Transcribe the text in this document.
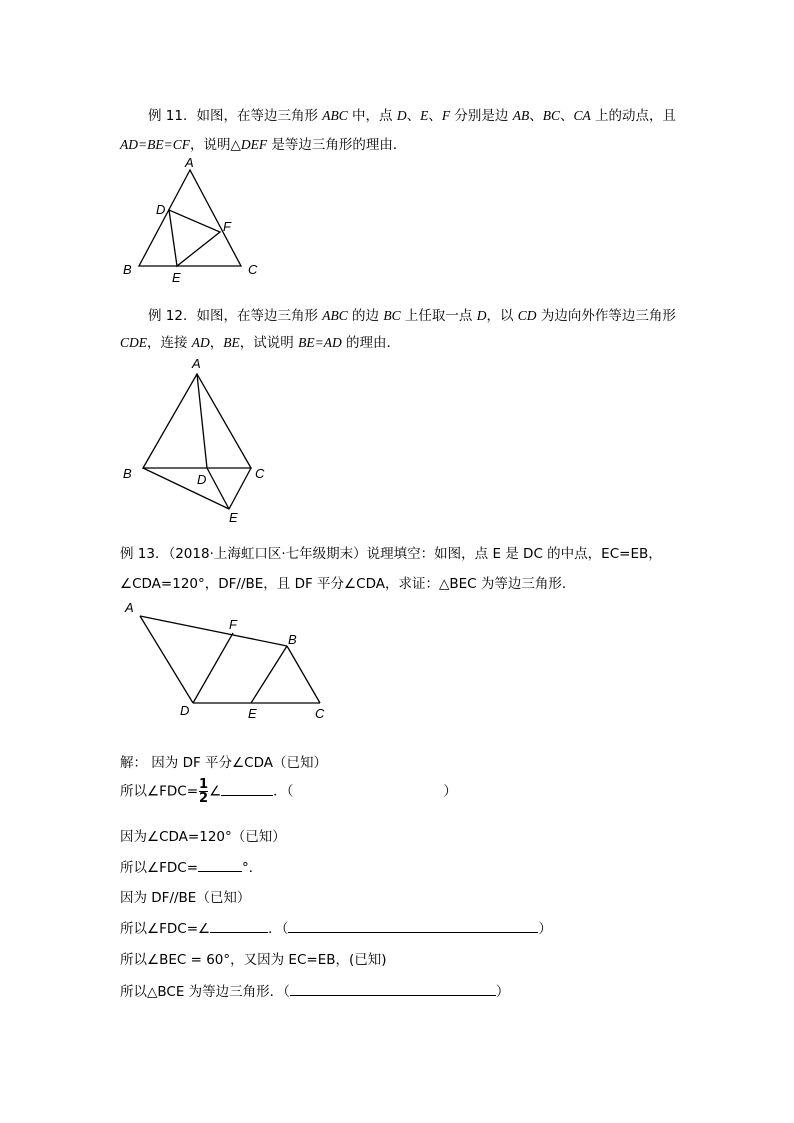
例 11．如图，在等边三角形 ABC 中，点 D、E、F 分别是边 AB、BC、CA 上的动点，且
AD=BE=CF，说明△DEF 是等边三角形的理由．
A
B	C
D
E
F
例 12．如图，在等边三角形 ABC 的边 BC 上任取一点 D，以 CD 为边向外作等边三角形
CDE，连接 AD，BE，试说明 BE=AD 的理由．
A
B	C
D
E
例 13．（2018·上海虹口区·七年级期末）说理填空：如图，点 E 是 DC 的中点，EC=EB，
∠CDA=120°，DF//BE，且 DF 平分∠CDA，求证：△BEC 为等边三角形．
A
F
B
D	E	C
解： 因为 DF 平分∠CDA（已知）
所以∠FDC= $\frac{1}{2}$ ∠	．（	）
因为∠CDA=120°（已知）
所以∠FDC=	°．
因为 DF//BE（已知）
所以∠FDC=∠	．（	）
所以∠BEC = 60°，又因为 EC=EB，(已知)
所以△BCE 为等边三角形．（	）
